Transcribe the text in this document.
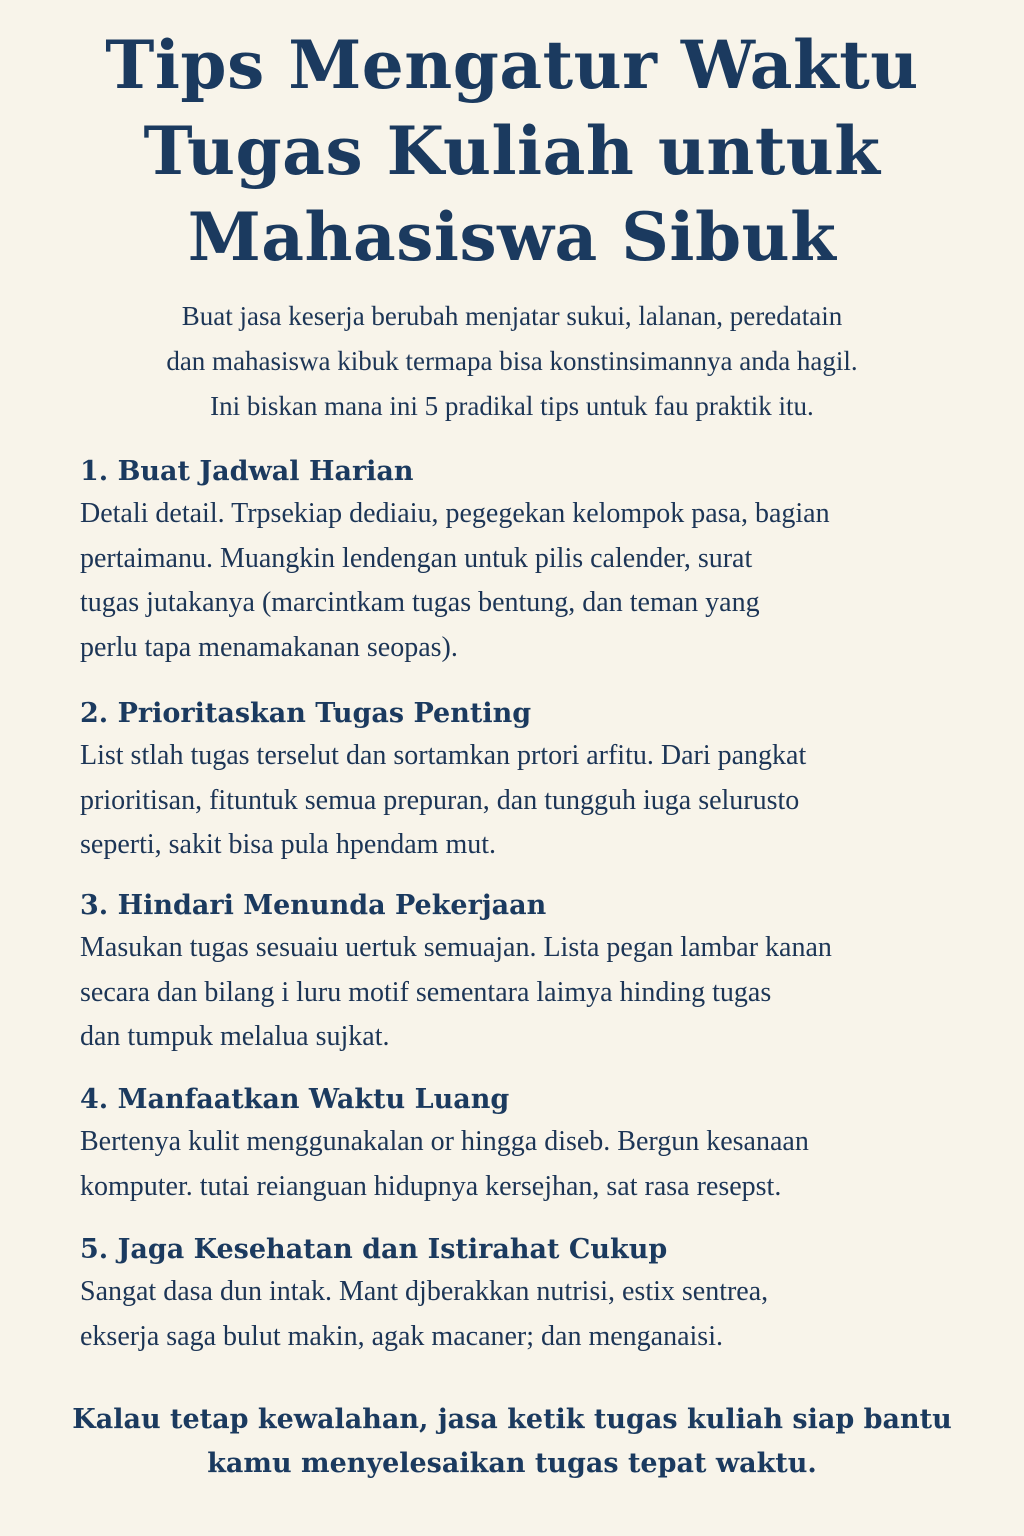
Tips Mengatur Waktu
Tugas Kuliah untuk
Mahasiswa Sibuk

Buat jasa keserja berubah menjatar sukui, lalanan, peredatain
dan mahasiswa kibuk termapa bisa konstinsimannya anda hagil.
Ini biskan mana ini 5 pradikal tips untuk fau praktik itu.

1. Buat Jadwal Harian

Detali detail. Trpsekiap dediaiu, pegegekan kelompok pasa, bagian
pertaimanu. Muangkin lendengan untuk pilis calender, surat
tugas jutakanya (marcintkam tugas bentung, dan teman yang
perlu tapa menamakanan seopas).

2. Prioritaskan Tugas Penting

List stlah tugas terselut dan sortamkan prtori arfitu. Dari pangkat
prioritisan, fituntuk semua prepuran, dan tungguh iuga selurusto
seperti, sakit bisa pula hpendam mut.

3. Hindari Menunda Pekerjaan

Masukan tugas sesuaiu uertuk semuajan. Lista pegan lambar kanan
secara dan bilang i luru motif sementara laimya hinding tugas
dan tumpuk melalua sujkat.

4. Manfaatkan Waktu Luang

Bertenya kulit menggunakalan or hingga diseb. Bergun kesanaan
komputer. tutai reianguan hidupnya kersejhan, sat rasa resepst.

5. Jaga Kesehatan dan Istirahat Cukup

Sangat dasa dun intak. Mant djberakkan nutrisi, estix sentrea,
ekserja saga bulut makin, agak macaner; dan menganaisi.

Kalau tetap kewalahan, jasa ketik tugas kuliah siap bantu
kamu menyelesaikan tugas tepat waktu.
